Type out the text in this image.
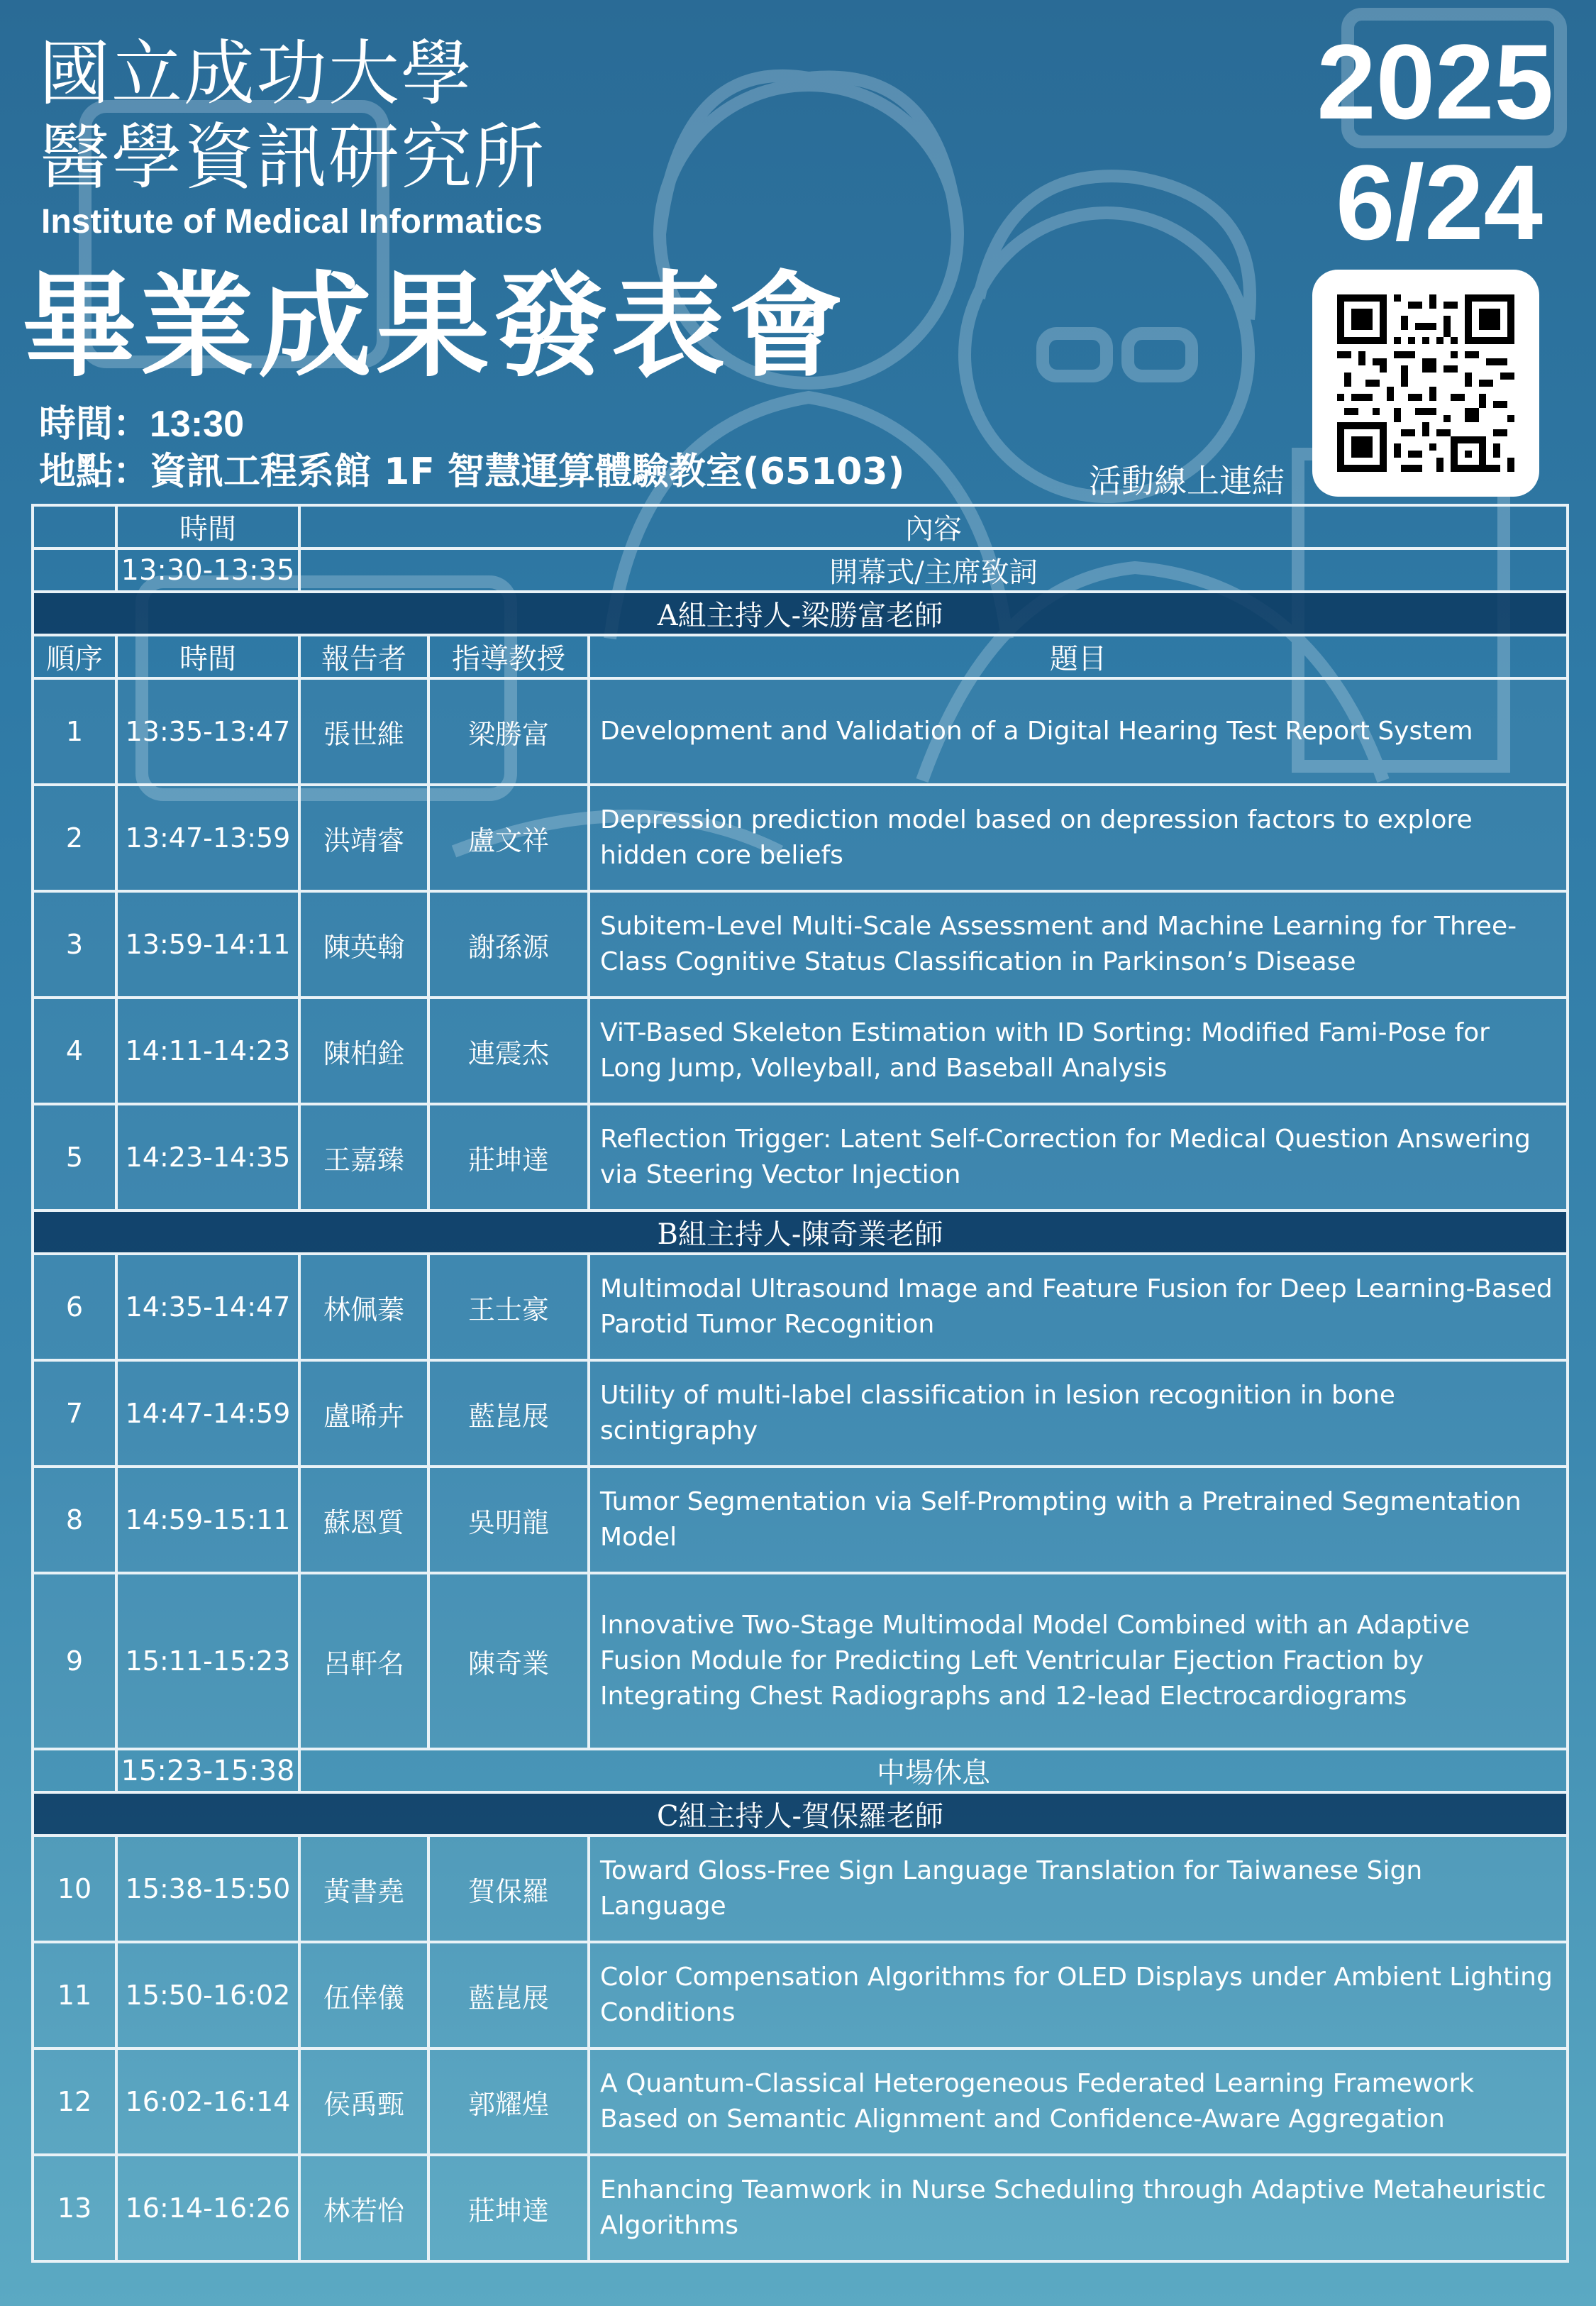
國立成功大學
醫學資訊研究所
Institute of Medical Informatics
畢業成果發表會
時間：13:30
地點：資訊工程系館 1F 智慧運算體驗教室(65103)
2025
6/24
活動線上連結
	時間	內容		
	13:30-13:35	開幕式/主席致詞		
A組主持人-梁勝富老師				
順序	時間	報告者	指導教授	題目
1	13:35-13:47	張世維	梁勝富	Development and Validation of a Digital Hearing Test Report System
2	13:47-13:59	洪靖睿	盧文祥	Depression prediction model based on depression factors to explore hidden core beliefs
3	13:59-14:11	陳英翰	謝孫源	Subitem-Level Multi-Scale Assessment and Machine Learning for Three-Class Cognitive Status Classification in Parkinson’s Disease
4	14:11-14:23	陳柏銓	連震杰	ViT-Based Skeleton Estimation with ID Sorting: Modified Fami-Pose for Long Jump, Volleyball, and Baseball Analysis
5	14:23-14:35	王嘉臻	莊坤達	Reflection Trigger: Latent Self-Correction for Medical Question Answering via Steering Vector Injection
B組主持人-陳奇業老師				
6	14:35-14:47	林佩蓁	王士豪	Multimodal Ultrasound Image and Feature Fusion for Deep Learning-Based Parotid Tumor Recognition
7	14:47-14:59	盧晞卉	藍崑展	Utility of multi-label classification in lesion recognition in bone scintigraphy
8	14:59-15:11	蘇恩質	吳明龍	Tumor Segmentation via Self-Prompting with a Pretrained Segmentation Model
9	15:11-15:23	呂軒名	陳奇業	Innovative Two-Stage Multimodal Model Combined with an Adaptive Fusion Module for Predicting Left Ventricular Ejection Fraction by Integrating Chest Radiographs and 12-lead Electrocardiograms
	15:23-15:38	中場休息		
C組主持人-賀保羅老師				
10	15:38-15:50	黃書堯	賀保羅	Toward Gloss-Free Sign Language Translation for Taiwanese Sign Language
11	15:50-16:02	伍倖儀	藍崑展	Color Compensation Algorithms for OLED Displays under Ambient Lighting Conditions
12	16:02-16:14	侯禹甄	郭耀煌	A Quantum-Classical Heterogeneous Federated Learning Framework Based on Semantic Alignment and Confidence-Aware Aggregation
13	16:14-16:26	林若怡	莊坤達	Enhancing Teamwork in Nurse Scheduling through Adaptive Metaheuristic Algorithms
